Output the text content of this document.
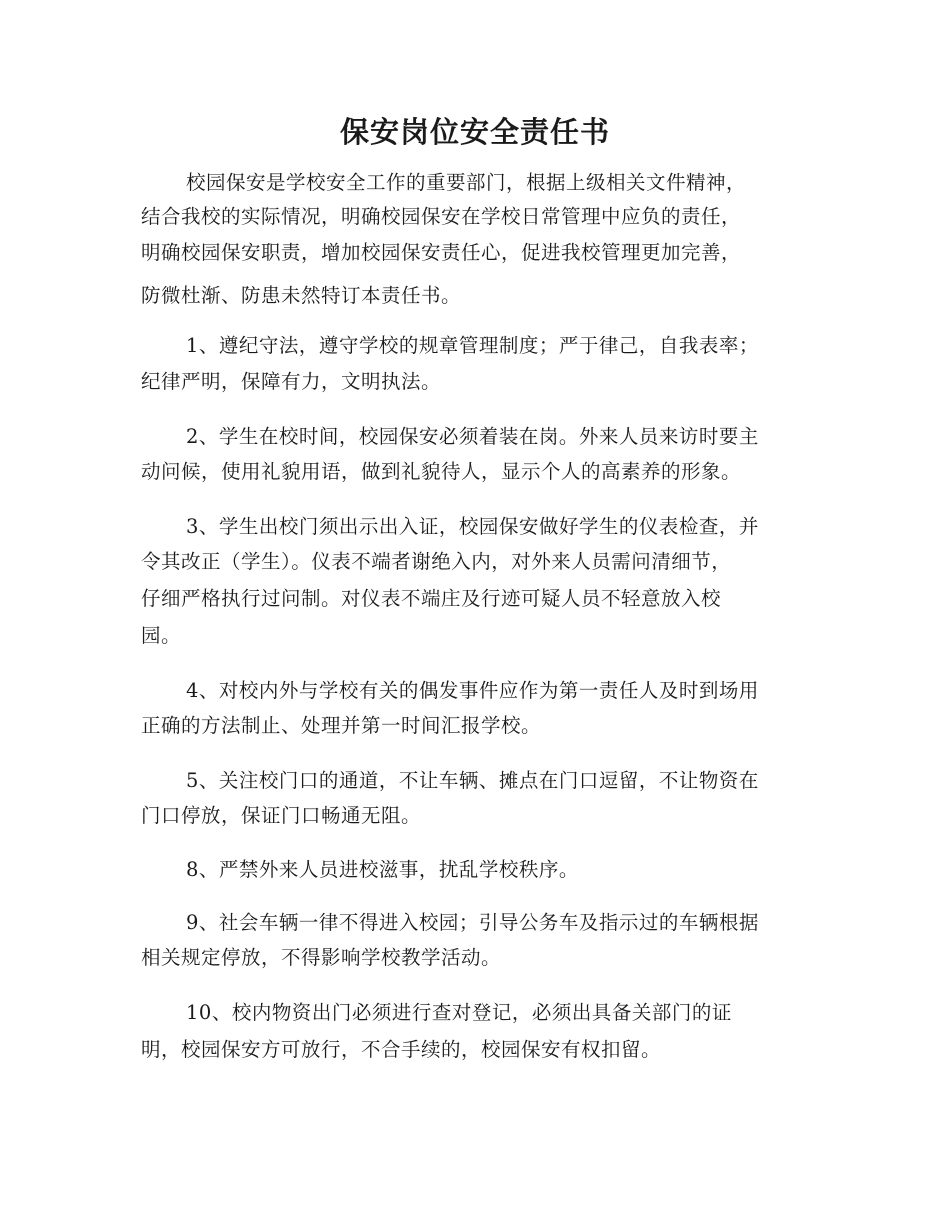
保安岗位安全责任书
校园保安是学校安全工作的重要部门，根据上级相关文件精神，
结合我校的实际情况，明确校园保安在学校日常管理中应负的责任，
明确校园保安职责，增加校园保安责任心，促进我校管理更加完善，
防微杜渐、防患未然特订本责任书。
1、遵纪守法，遵守学校的规章管理制度；严于律己，自我表率；
纪律严明，保障有力，文明执法。
2、学生在校时间，校园保安必须着装在岗。外来人员来访时要主
动问候，使用礼貌用语，做到礼貌待人，显示个人的高素养的形象。
3、学生出校门须出示出入证，校园保安做好学生的仪表检查，并
令其改正（学生）。仪表不端者谢绝入内，对外来人员需问清细节，
仔细严格执行过问制。对仪表不端庄及行迹可疑人员不轻意放入校
园。
4、对校内外与学校有关的偶发事件应作为第一责任人及时到场用
正确的方法制止、处理并第一时间汇报学校。
5、关注校门口的通道，不让车辆、摊点在门口逗留，不让物资在
门口停放，保证门口畅通无阻。
8、严禁外来人员进校滋事，扰乱学校秩序。
9、社会车辆一律不得进入校园；引导公务车及指示过的车辆根据
相关规定停放，不得影响学校教学活动。
10、校内物资出门必须进行查对登记，必须出具备关部门的证
明，校园保安方可放行，不合手续的，校园保安有权扣留。
